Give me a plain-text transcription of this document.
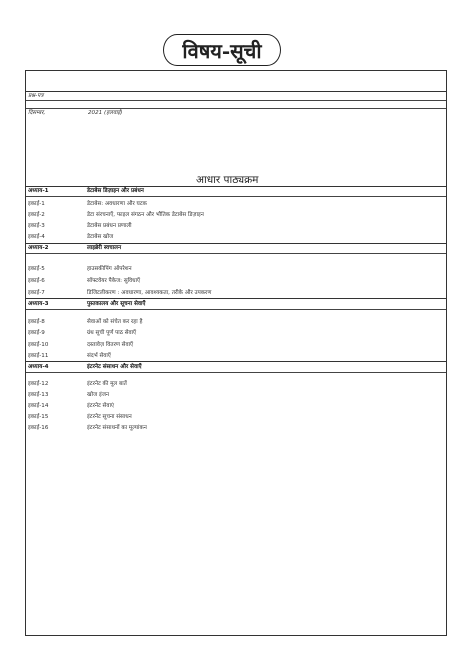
विषय-सूची
प्रश्न-पत्र
दिसम्बर,	2021 (हलवाई)
आधार पाठ्यक्रम
अध्याय-1	डेटाबेस डिज़ाइन और प्रबंधन
इकाई-1	डेटाबेस: अवधारणा और घटक
इकाई-2	डेटा संरचनाएँ, फाइल संगठन और भौतिक डेटाबेस डिज़ाइन
इकाई-3	डेटाबेस प्रबंधन प्रणाली
इकाई-4	डेटाबेस खोज
अध्याय-2	लाइब्रेरी स्वचालन
इकाई-5	हाउसकीपिंग ऑपरेशन
इकाई-6	सॉफ्टवेयर पैकेज: सुविधाएँ
इकाई-7	डिजिटलीकरण : अवधारणा, आवश्यकता, तरीके और उपकरण
अध्याय-3	पुस्तकालय और सूचना सेवाएँ
इकाई-8	सेवाओं को संचेत कर रहा है
इकाई-9	ग्रंथ सूची पूर्ण पाठ सेवाएँ
इकाई-10	दस्तावेज़ वितरण सेवाएँ
इकाई-11	संदर्भ सेवाएँ
अध्याय-4	इंटरनेट संसाधन और सेवाएँ
इकाई-12	इंटरनेट की मूल बातें
इकाई-13	खोज इंजन
इकाई-14	इंटरनेट सेवाएं
इकाई-15	इंटरनेट सूचना संसाधन
इकाई-16	इंटरनेट संसाधनों का मूल्यांकन
